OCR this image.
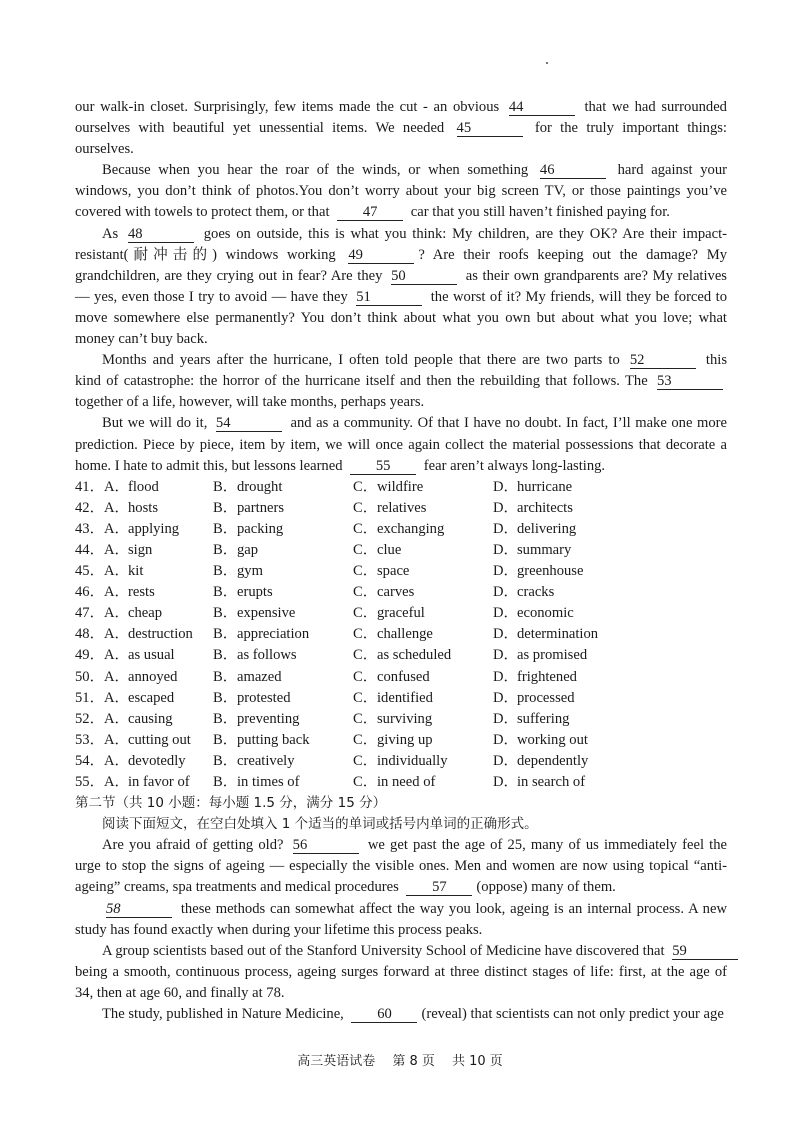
our walk-in closet. Surprisingly, few items made the cut - an obvious 44	that we had surrounded
ourselves with beautiful yet unessential items. We needed 45	for the truly important things:
ourselves.
Because when you hear the roar of the winds, or when something 46	hard against your
windows, you don’t think of photos.You don’t worry about your big screen TV, or those paintings you’ve
covered with towels to protect them, or that 47 car that you still haven’t finished paying for.
As 48	goes on outside, this is what you think: My children, are they OK? Are their impact-
resistant(耐冲击的) windows working 49	? Are their roofs keeping out the damage? My
grandchildren, are they crying out in fear? Are they 50	as their own grandparents are? My relatives
— yes, even those I try to avoid — have they 51	the worst of it? My friends, will they be forced to
move somewhere else permanently? You don’t think about what you own but about what you love; what
money can’t buy back.
Months and years after the hurricane, I often told people that there are two parts to 52	this
kind of catastrophe: the horror of the hurricane itself and then the rebuilding that follows. The 53
together of a life, however, will take months, perhaps years.
But we will do it, 54	and as a community. Of that I have no doubt. In fact, I’ll make one more
prediction. Piece by piece, item by item, we will once again collect the material possessions that decorate a
home. I hate to admit this, but lessons learned 55 fear aren’t always long-lasting.
41． A．flood	B．drought	C．wildfire	D．hurricane
42． A．hosts	B．partners	C．relatives	D．architects
43． A．applying	B．packing	C．exchanging	D．delivering
44． A．sign	B．gap	C．clue	D．summary
45． A．kit	B．gym	C．space	D．greenhouse
46． A．rests	B．erupts	C．carves	D．cracks
47． A．cheap	B．expensive	C．graceful	D．economic
48． A．destruction	B．appreciation	C．challenge	D．determination
49． A．as usual	B．as follows	C．as scheduled	D．as promised
50． A．annoyed	B．amazed	C．confused	D．frightened
51． A．escaped	B．protested	C．identified	D．processed
52． A．causing	B．preventing	C．surviving	D．suffering
53． A．cutting out	B．putting back	C．giving up	D．working out
54． A．devotedly	B．creatively	C．individually	D．dependently
55． A．in favor of	B．in times of	C．in need of	D．in search of
第二节（共 10 小题：每小题 1.5 分，满分 15 分）
阅读下面短文，在空白处填入 1 个适当的单词或括号内单词的正确形式。
Are you afraid of getting old? 56	we get past the age of 25, many of us immediately feel the
urge to stop the signs of ageing — especially the visible ones. Men and women are now using topical “anti-
ageing” creams, spa treatments and medical procedures 57 (oppose) many of them.
58	these methods can somewhat affect the way you look, ageing is an internal process. A new
study has found exactly when during your lifetime this process peaks.
A group scientists based out of the Stanford University School of Medicine have discovered that 59
being a smooth, continuous process, ageing surges forward at three distinct stages of life: first, at the age of
34, then at age 60, and finally at 78.
The study, published in Nature Medicine, 60 (reveal) that scientists can not only predict your age
高三英语试卷　 第 8 页　 共 10 页
